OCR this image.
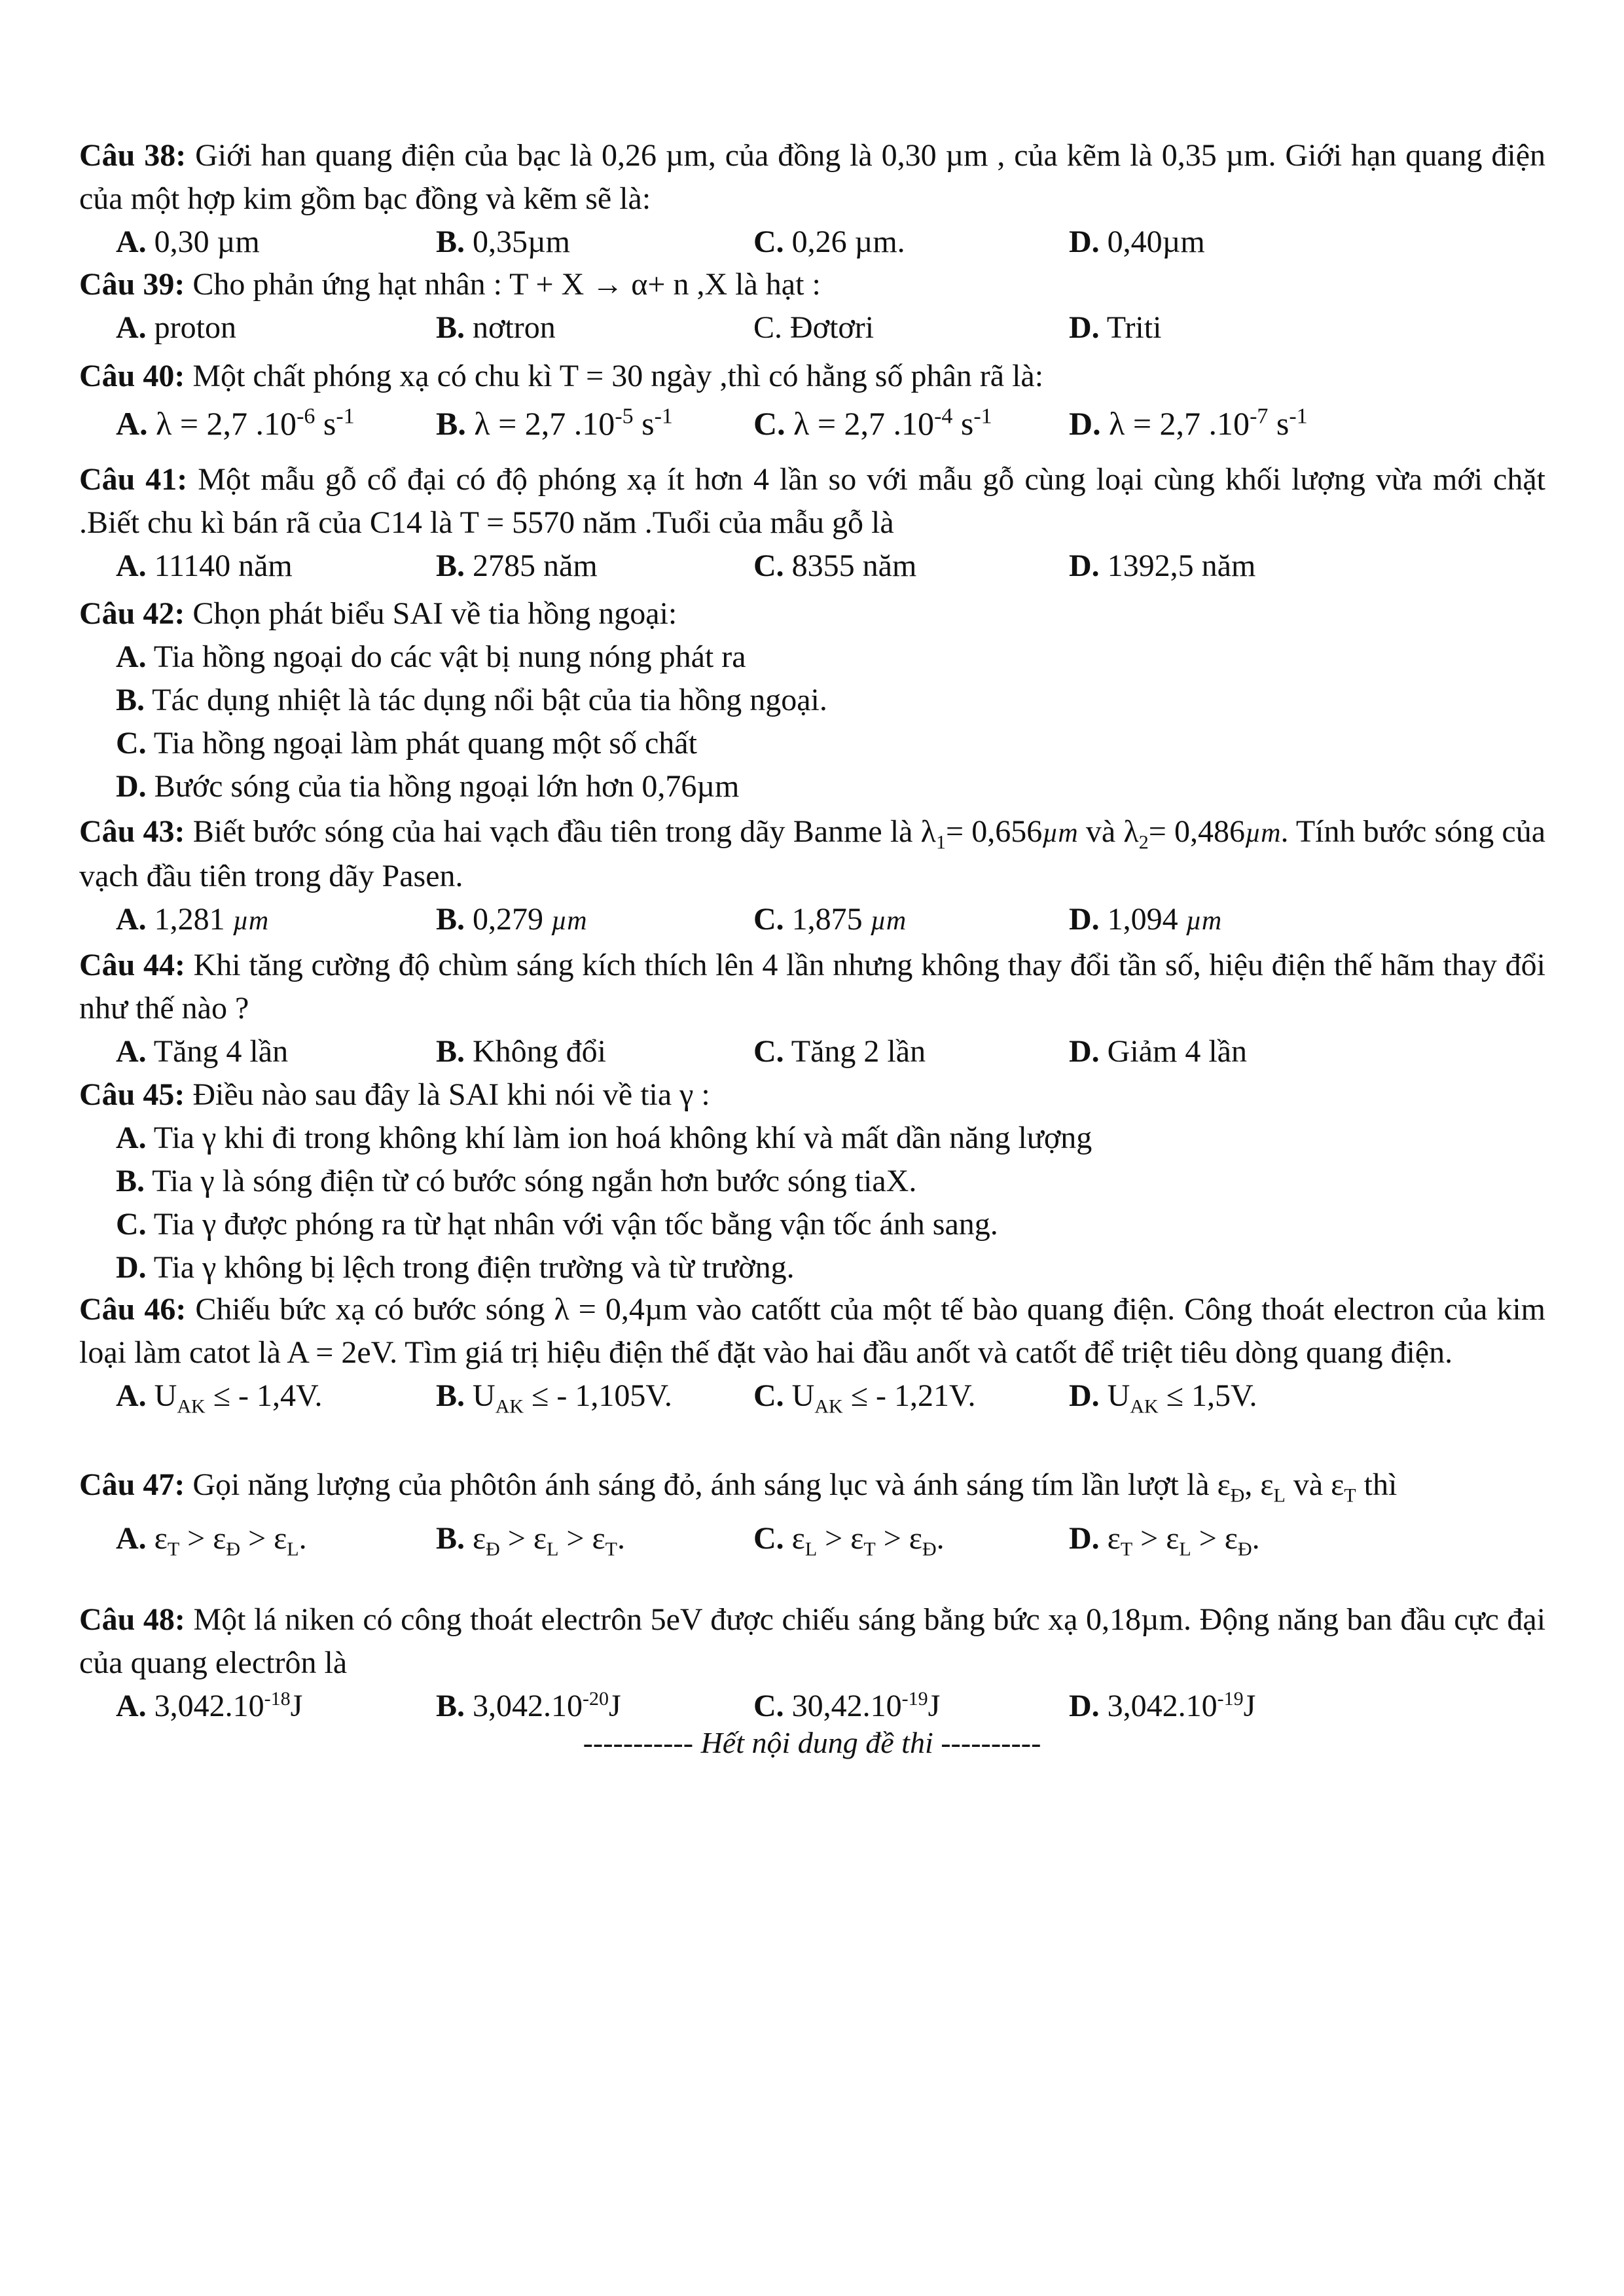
Câu 38: Giới han quang điện của bạc là 0,26 µm, của đồng là 0,30 µm , của kẽm là 0,35 µm. Giới hạn quang điện của một hợp kim gồm bạc đồng và kẽm sẽ là:
A. 0,30 µm	B. 0,35µm	C. 0,26 µm.	D. 0,40µm
Câu 39: Cho phản ứng hạt nhân : T + X → α+ n ,X là hạt :
A. proton	B. nơtron	C. Đơtơri	D. Triti
Câu 40: Một chất phóng xạ có chu kì T = 30 ngày ,thì có hằng số phân rã là:
A. λ = 2,7 $.10^{-6}$ $s^{-1}$ B. λ = 2,7 $.10^{-5}$ $s^{-1}$ C. λ = 2,7 $.10^{-4}$ $s^{-1}$ D. λ = 2,7 $.10^{-7}$ $s^{-1}$
Câu 41: Một mẫu gỗ cổ đại có độ phóng xạ ít hơn 4 lần so với mẫu gỗ cùng loại cùng khối lượng vừa mới chặt .Biết chu kì bán rã của C14 là T = 5570 năm .Tuổi của mẫu gỗ là
A. 11140 năm	B. 2785 năm	C. 8355 năm	D. 1392,5 năm
Câu 42: Chọn phát biểu SAI về tia hồng ngoại:
A. Tia hồng ngoại do các vật bị nung nóng phát ra
B. Tác dụng nhiệt là tác dụng nổi bật của tia hồng ngoại.
C. Tia hồng ngoại làm phát quang một số chất
D. Bước sóng của tia hồng ngoại lớn hơn 0,76µm
Câu 43: Biết bước sóng của hai vạch đầu tiên trong dãy Banme là $\lambda_1= 0,656\mu m$ và $\lambda_2= 0,486\mu m$. Tính bước sóng của vạch đầu tiên trong dãy Pasen.
A. 1,281 µm	B. 0,279 µm	C. 1,875 µm	D. 1,094 µm
Câu 44: Khi tăng cường độ chùm sáng kích thích lên 4 lần nhưng không thay đổi tần số, hiệu điện thế hãm thay đổi như thế nào ?
A. Tăng 4 lần	B. Không đổi	C. Tăng 2 lần	D. Giảm 4 lần
Câu 45: Điều nào sau đây là SAI khi nói về tia γ :
A. Tia γ khi đi trong không khí làm ion hoá không khí và mất dần năng lượng
B. Tia γ là sóng điện từ có bước sóng ngắn hơn bước sóng tiaX.
C. Tia γ được phóng ra từ hạt nhân với vận tốc bằng vận tốc ánh sang.
D. Tia γ không bị lệch trong điện trường và từ trường.
Câu 46: Chiếu bức xạ có bước sóng λ = 0,4µm vào catốtt của một tế bào quang điện. Công thoát electron của kim loại làm catot là A = 2eV. Tìm giá trị hiệu điện thế đặt vào hai đầu anốt và catốt để triệt tiêu dòng quang điện.
A. $U_{AK}$ ≤ - 1,4V.	B. $U_{AK}$ ≤ - 1,105V.	C. $U_{AK}$ ≤ - 1,21V.	D. $U_{AK} \le 1,5V$.
Câu 47: Gọi năng lượng của phôtôn ánh sáng đỏ, ánh sáng lục và ánh sáng tím lần lượt là $\varepsilon_Đ$, $\varepsilon_L$ và $\varepsilon_T$ thì
A. $\varepsilon_T > \varepsilon_Đ > \varepsilon_L$.	B. $\varepsilon_Đ > \varepsilon_L > \varepsilon_T$.	C. $\varepsilon_L > \varepsilon_T > \varepsilon_Đ$.	D. $\varepsilon_T > \varepsilon_L > \varepsilon_Đ$.
Câu 48: Một lá niken có công thoát electrôn 5eV được chiếu sáng bằng bức xạ 0,18µm. Động năng ban đầu cực đại của quang electrôn là
A. $3,042.10^{-18}J$	B. $3,042.10^{-20}J$	C. $30,42.10^{-19}J$	D. $3,042.10^{-19}J$
----------- Hết nội dung đề thi ----------
